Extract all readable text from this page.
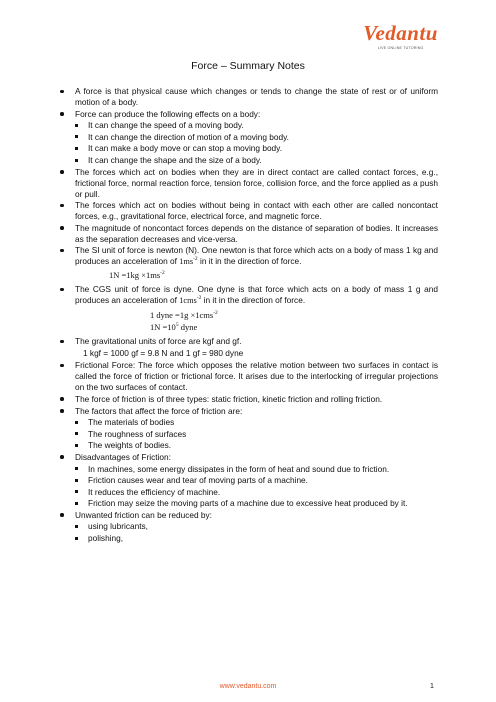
Vedantu
LIVE ONLINE TUTORING
Force – Summary Notes
A force is that physical cause which changes or tends to change the state of rest or of uniform motion of a body.
Force can produce the following effects on a body:
It can change the speed of a moving body.
It can change the direction of motion of a moving body.
It can make a body move or can stop a moving body.
It can change the shape and the size of a body.
The forces which act on bodies when they are in direct contact are called contact forces, e.g., frictional force, normal reaction force, tension force, collision force, and the force applied as a push or pull.
The forces which act on bodies without being in contact with each other are called noncontact forces, e.g., gravitational force, electrical force, and magnetic force.
The magnitude of noncontact forces depends on the distance of separation of bodies. It increases as the separation decreases and vice-versa.
The SI unit of force is newton (N). One newton is that force which acts on a body of mass 1 kg and produces an acceleration of $1ms^{-2}$ in it in the direction of force.
$1N =1kg \times 1ms^{-2}$
The CGS unit of force is dyne. One dyne is that force which acts on a body of mass 1 g and produces an acceleration of 1cms$^{-2}$ in it in the direction of force.
1 dyne =1g ×1cms$^{-2}$
$1N =10^5$ dyne
The gravitational units of force are kgf and gf.
1 kgf = 1000 gf = 9.8 N and 1 gf = 980 dyne
Frictional Force: The force which opposes the relative motion between two surfaces in contact is called the force of friction or frictional force. It arises due to the interlocking of irregular projections on the two surfaces of contact.
The force of friction is of three types: static friction, kinetic friction and rolling friction.
The factors that affect the force of friction are:
The materials of bodies
The roughness of surfaces
The weights of bodies.
Disadvantages of Friction:
In machines, some energy dissipates in the form of heat and sound due to friction.
Friction causes wear and tear of moving parts of a machine.
It reduces the efficiency of machine.
Friction may seize the moving parts of a machine due to excessive heat produced by it.
Unwanted friction can be reduced by:
using lubricants,
polishing,
www.vedantu.com	1
